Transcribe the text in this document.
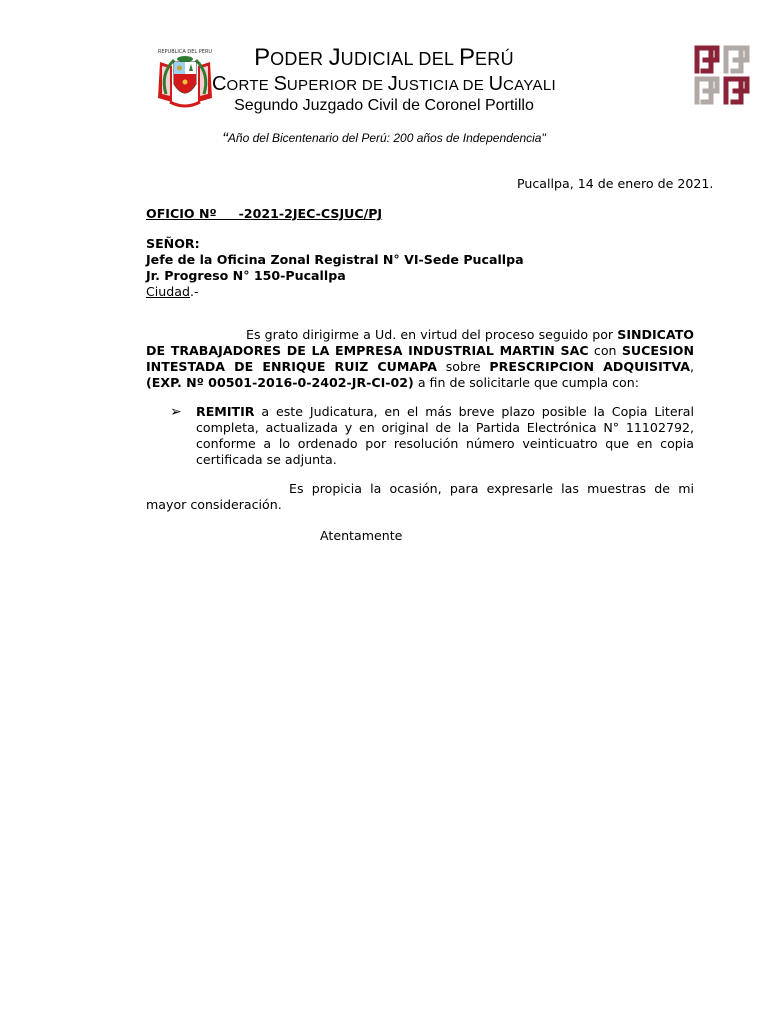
REPUBLICA DEL PERU	PODER JUDICIAL DEL PERÚ
CORTE SUPERIOR DE JUSTICIA DE UCAYALI
Segundo Juzgado Civil de Coronel Portillo
“Año del Bicentenario del Perú: 200 años de Independencia"
Pucallpa, 14 de enero de 2021.
OFICIO Nº     -2021-2JEC-CSJUC/PJ
SEÑOR:
Jefe de la Oficina Zonal Registral N° VI-Sede Pucallpa
Jr. Progreso N° 150-Pucallpa
Ciudad.-
Es grato dirigirme a Ud. en virtud del proceso seguido por SINDICATO DE TRABAJADORES DE LA EMPRESA INDUSTRIAL MARTIN SAC con SUCESION INTESTADA DE ENRIQUE RUIZ CUMAPA sobre PRESCRIPCION ADQUISITVA, (EXP. Nº 00501-2016-0-2402-JR-CI-02) a fin de solicitarle que cumpla con:
➢ REMITIR a este Judicatura, en el más breve plazo posible la Copia Literal completa, actualizada y en original de la Partida Electrónica N° 11102792, conforme a lo ordenado por resolución número veinticuatro que en copia certificada se adjunta.
Es propicia la ocasión, para expresarle las muestras de mi mayor consideración.
Atentamente
